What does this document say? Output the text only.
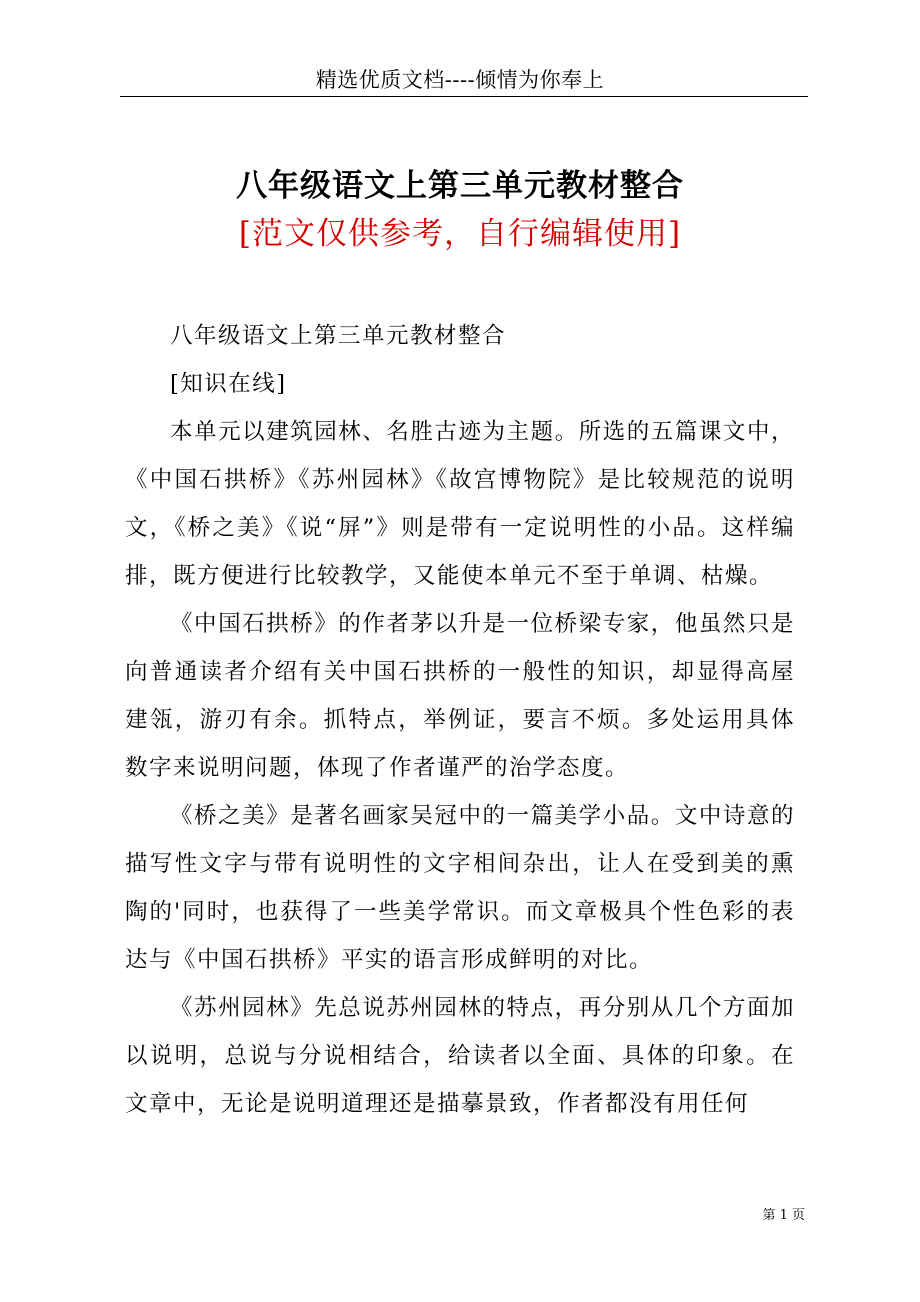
精选优质文档----倾情为你奉上
八年级语文上第三单元教材整合
[范文仅供参考，自行编辑使用]

八年级语文上第三单元教材整合

[知识在线]

本单元以建筑园林、名胜古迹为主题。所选的五篇课文中，《中国石拱桥》《苏州园林》《故宫博物院》是比较规范的说明文，《桥之美》《说“屏”》则是带有一定说明性的小品。这样编排，既方便进行比较教学，又能使本单元不至于单调、枯燥。

《中国石拱桥》的作者茅以升是一位桥梁专家，他虽然只是向普通读者介绍有关中国石拱桥的一般性的知识，却显得高屋建瓴，游刃有余。抓特点，举例证，要言不烦。多处运用具体数字来说明问题，体现了作者谨严的治学态度。

《桥之美》是著名画家吴冠中的一篇美学小品。文中诗意的描写性文字与带有说明性的文字相间杂出，让人在受到美的熏陶的'同时，也获得了一些美学常识。而文章极具个性色彩的表达与《中国石拱桥》平实的语言形成鲜明的对比。

《苏州园林》先总说苏州园林的特点，再分别从几个方面加以说明，总说与分说相结合，给读者以全面、具体的印象。在文章中，无论是说明道理还是描摹景致，作者都没有用任何

第 1 页
